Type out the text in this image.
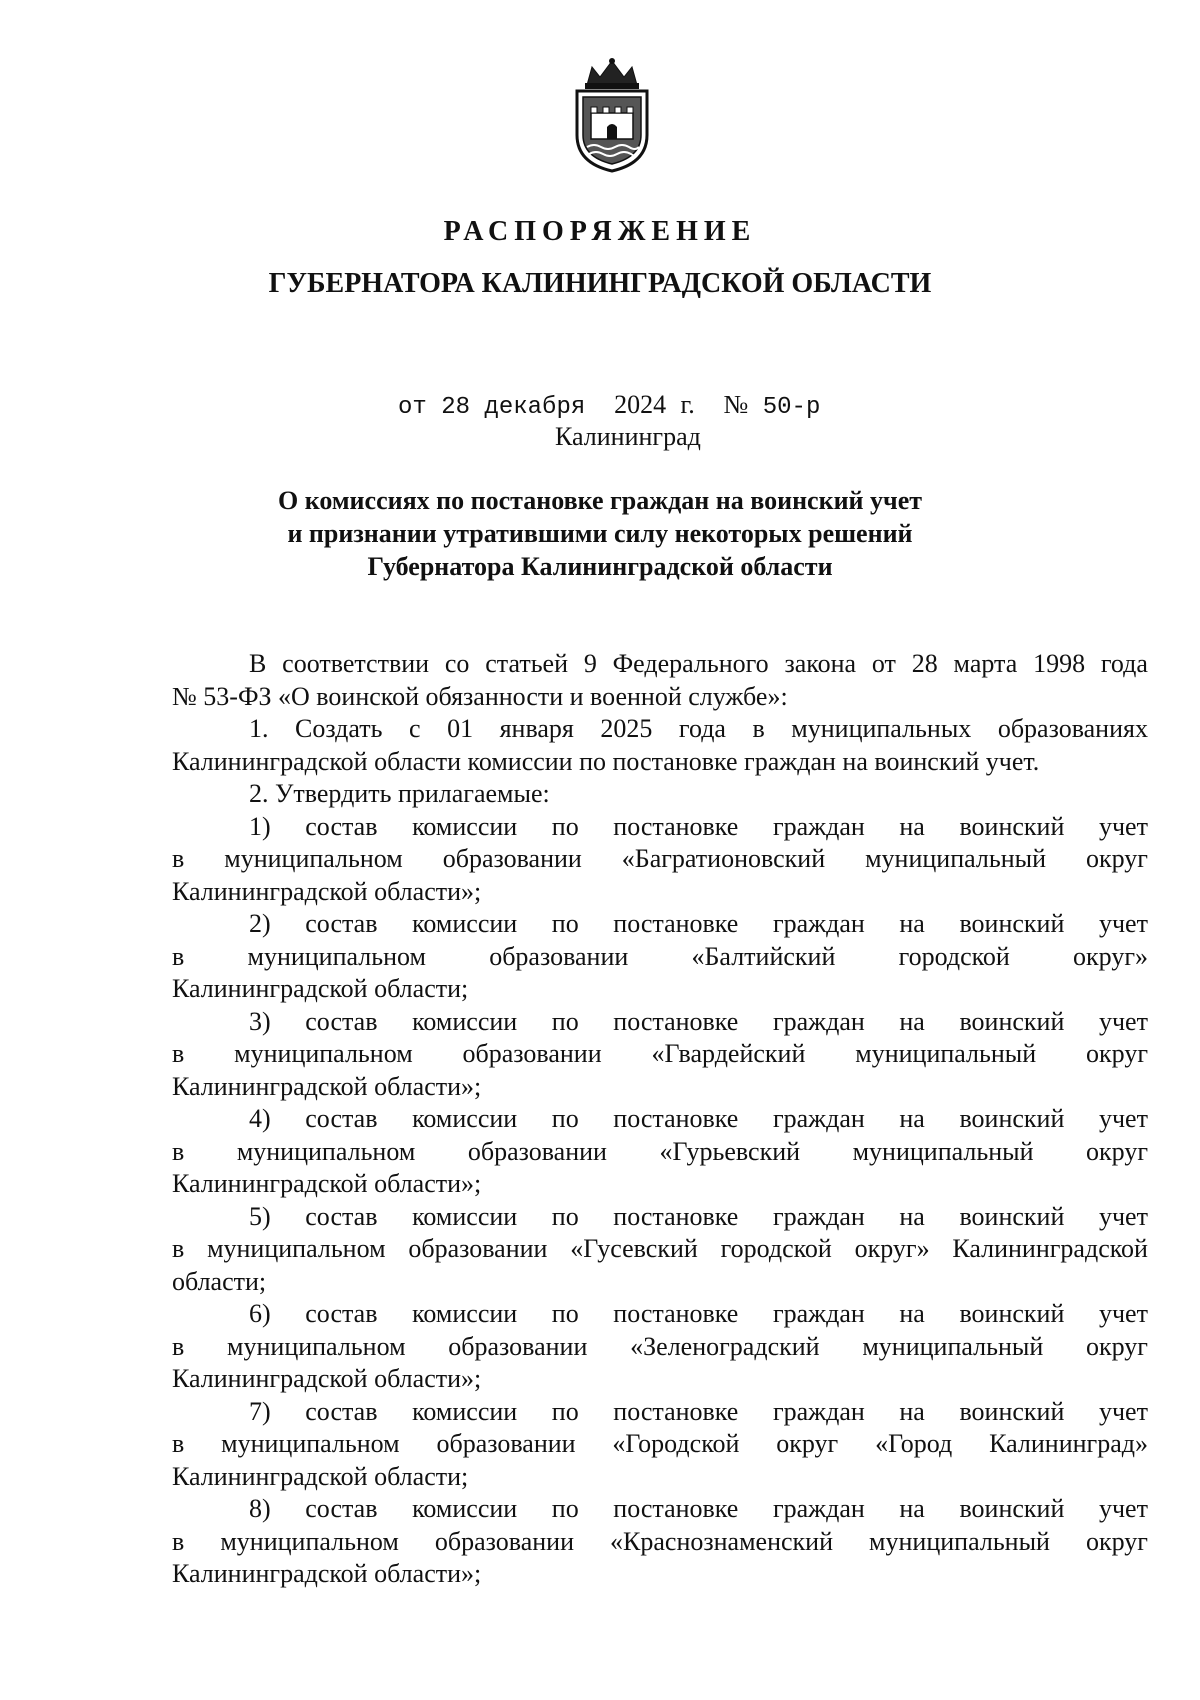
РАСПОРЯЖЕНИЕ
ГУБЕРНАТОРА КАЛИНИНГРАДСКОЙ ОБЛАСТИ
от 28 декабря 2024 г. № 50-р
Калининград
О комиссиях по постановке граждан на воинский учет
и признании утратившими силу некоторых решений
Губернатора Калининградской области
В соответствии со статьей 9 Федерального закона от 28 марта 1998 года
№ 53-ФЗ «О воинской обязанности и военной службе»:
1. Создать с 01 января 2025 года в муниципальных образованиях
Калининградской области комиссии по постановке граждан на воинский учет.
2. Утвердить прилагаемые:
1) состав комиссии по постановке граждан на воинский учет
в муниципальном образовании «Багратионовский муниципальный округ
Калининградской области»;
2) состав комиссии по постановке граждан на воинский учет
в муниципальном образовании «Балтийский городской округ»
Калининградской области;
3) состав комиссии по постановке граждан на воинский учет
в муниципальном образовании «Гвардейский муниципальный округ
Калининградской области»;
4) состав комиссии по постановке граждан на воинский учет
в муниципальном образовании «Гурьевский муниципальный округ
Калининградской области»;
5) состав комиссии по постановке граждан на воинский учет
в муниципальном образовании «Гусевский городской округ» Калининградской
области;
6) состав комиссии по постановке граждан на воинский учет
в муниципальном образовании «Зеленоградский муниципальный округ
Калининградской области»;
7) состав комиссии по постановке граждан на воинский учет
в муниципальном образовании «Городской округ «Город Калининград»
Калининградской области;
8) состав комиссии по постановке граждан на воинский учет
в муниципальном образовании «Краснознаменский муниципальный округ
Калининградской области»;
